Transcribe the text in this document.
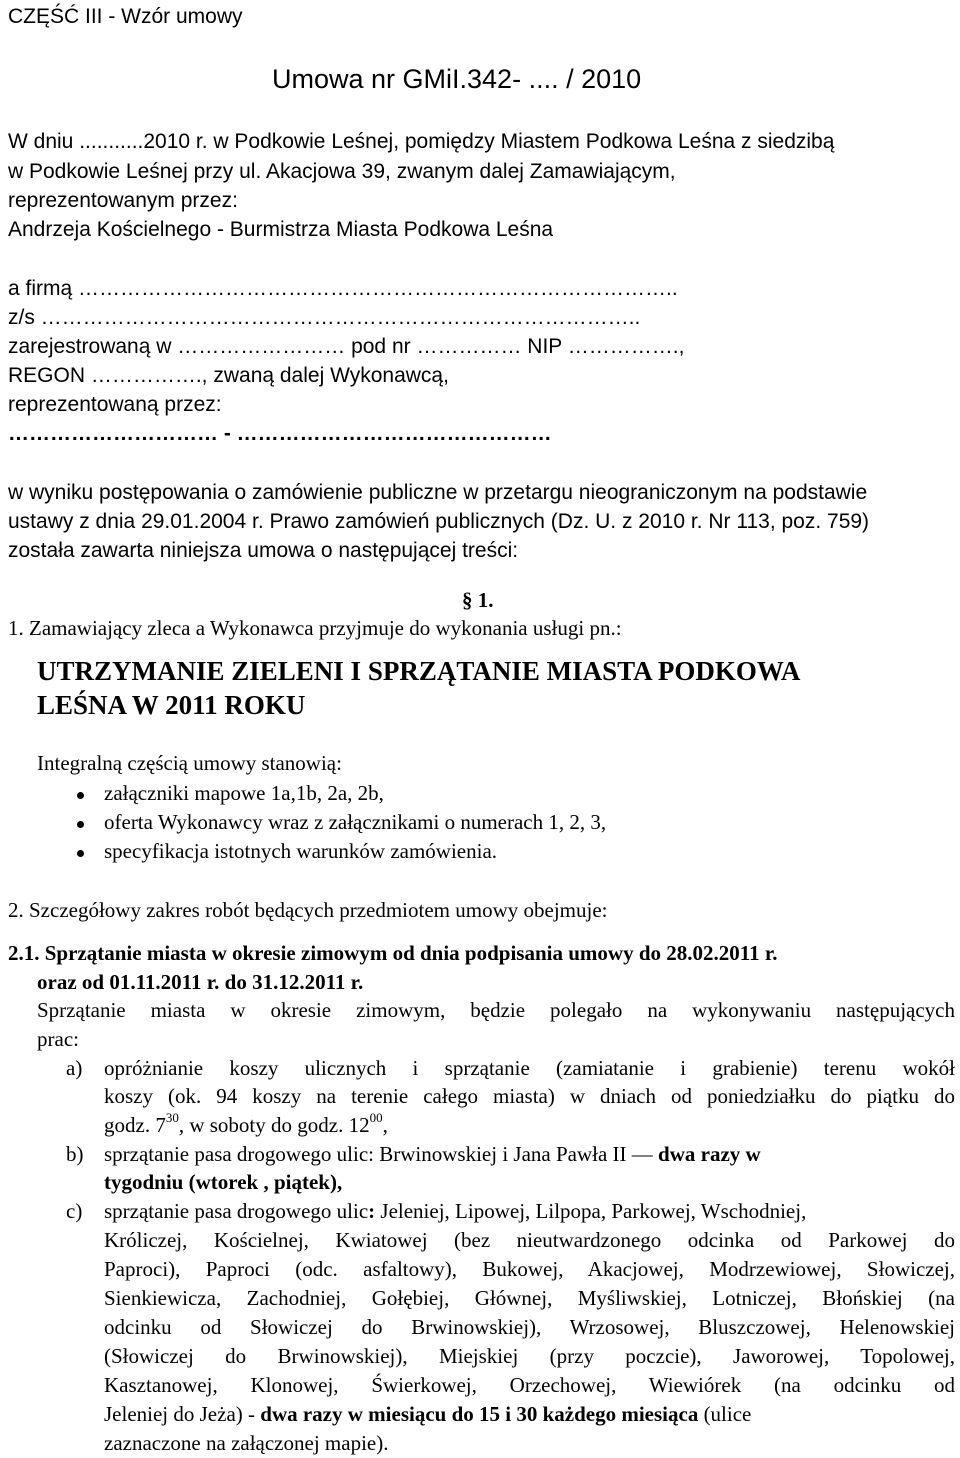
CZĘŚĆ III - Wzór umowy
Umowa nr GMiI.342- .... / 2010
W dniu ...........2010 r. w Podkowie Leśnej, pomiędzy Miastem Podkowa Leśna z siedzibą
w Podkowie Leśnej przy ul. Akacjowa 39, zwanym dalej Zamawiającym,
reprezentowanym przez:
Andrzeja Kościelnego - Burmistrza Miasta Podkowa Leśna
a firmą …………………………………………………………………………..
z/s …………………………………………………………………………..
zarejestrowaną w …………………… pod nr …………… NIP …………….,
REGON ……………., zwaną dalej Wykonawcą,
reprezentowaną przez:
………………………… - ………………………………………
w wyniku postępowania o zamówienie publiczne w przetargu nieograniczonym na podstawie
ustawy z dnia 29.01.2004 r. Prawo zamówień publicznych (Dz. U. z 2010 r. Nr 113, poz. 759)
została zawarta niniejsza umowa o następującej treści:
§ 1.
1. Zamawiający zleca a Wykonawca przyjmuje do wykonania usługi pn.:
UTRZYMANIE ZIELENI I SPRZĄTANIE MIASTA PODKOWA
LEŚNA W 2011 ROKU
Integralną częścią umowy stanowią:
załączniki mapowe 1a,1b, 2a, 2b,
oferta Wykonawcy wraz z załącznikami o numerach 1, 2, 3,
specyfikacja istotnych warunków zamówienia.
2. Szczegółowy zakres robót będących przedmiotem umowy obejmuje:
2.1. Sprzątanie miasta w okresie zimowym od dnia podpisania umowy do 28.02.2011 r.
oraz od 01.11.2011 r. do 31.12.2011 r.
Sprzątanie miasta w okresie zimowym, będzie polegało na wykonywaniu następujących
prac:
a) opróżnianie koszy ulicznych i sprzątanie (zamiatanie i grabienie) terenu wokół
koszy (ok. 94 koszy na terenie całego miasta) w dniach od poniedziałku do piątku do
godz. $7^{30}$, w soboty do godz. $12^{00}$,
b) sprzątanie pasa drogowego ulic: Brwinowskiej i Jana Pawła II — dwa razy w
tygodniu (wtorek , piątek),
c) sprzątanie pasa drogowego ulic: Jeleniej, Lipowej, Lilpopa, Parkowej, Wschodniej,
Króliczej, Kościelnej, Kwiatowej (bez nieutwardzonego odcinka od Parkowej do
Paproci), Paproci (odc. asfaltowy), Bukowej, Akacjowej, Modrzewiowej, Słowiczej,
Sienkiewicza, Zachodniej, Gołębiej, Głównej, Myśliwskiej, Lotniczej, Błońskiej (na
odcinku od Słowiczej do Brwinowskiej), Wrzosowej, Bluszczowej, Helenowskiej
(Słowiczej do Brwinowskiej), Miejskiej (przy poczcie), Jaworowej, Topolowej,
Kasztanowej, Klonowej, Świerkowej, Orzechowej, Wiewiórek (na odcinku od
Jeleniej do Jeża) - dwa razy w miesiącu do 15 i 30 każdego miesiąca (ulice
zaznaczone na załączonej mapie).
